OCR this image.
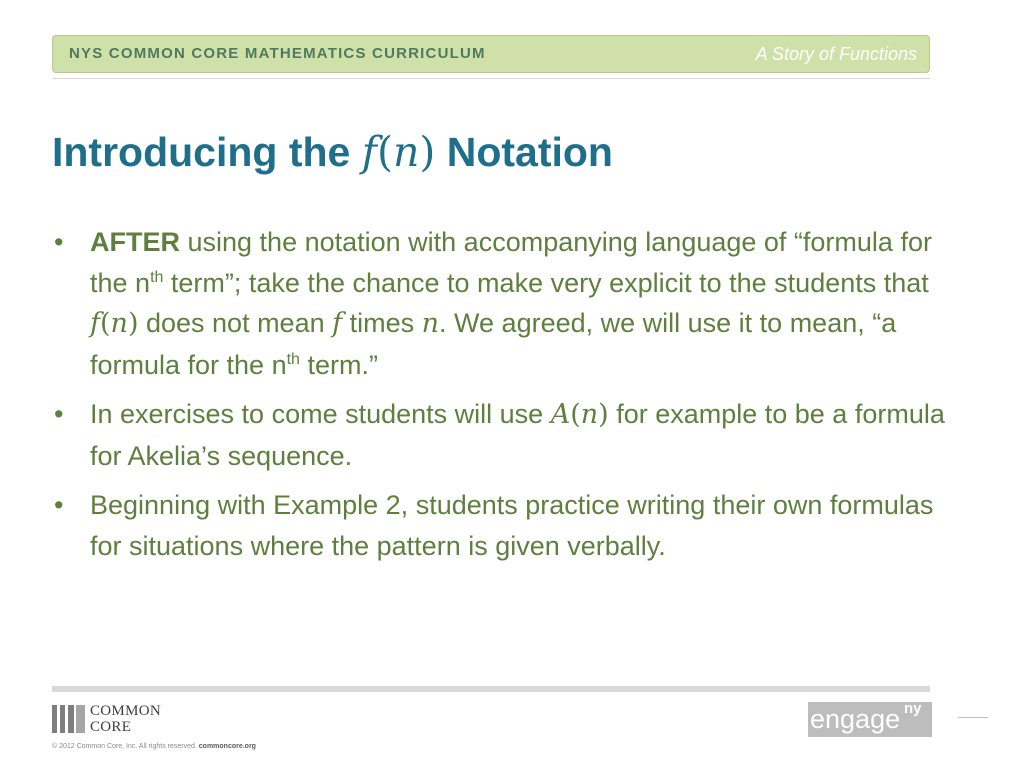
NYS COMMON CORE MATHEMATICS CURRICULUM	A Story of Functions
Introducing the f(n) Notation
• AFTER using the notation with accompanying language of “formula for the $n^{th}$ term”; take the chance to make very explicit to the students that f(n) does not mean f times n. We agreed, we will use it to mean, “a formula for the $n^{th}$ term.”
• In exercises to come students will use A(n) for example to be a formula for Akelia’s sequence.
• Beginning with Example 2, students practice writing their own formulas for situations where the pattern is given verbally.
COMMON
CORE
© 2012 Common Core, Inc. All rights reserved. commoncore.org
engage ny
